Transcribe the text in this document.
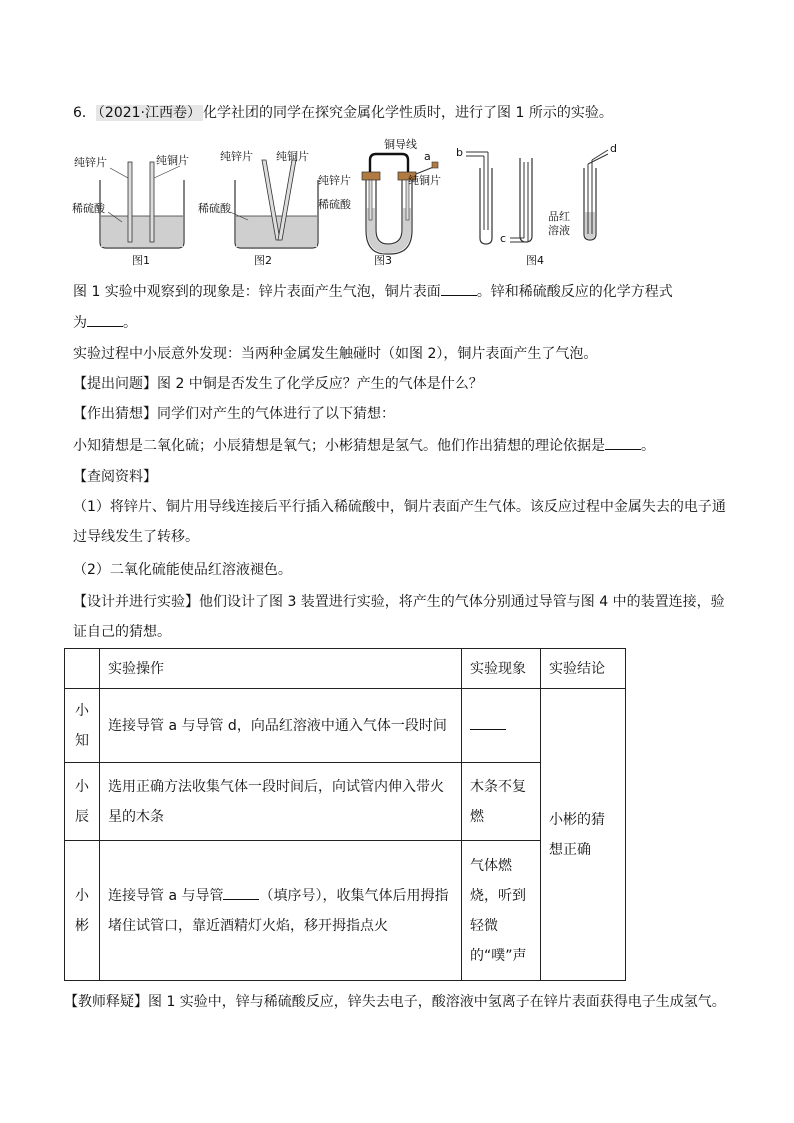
6． （2021·江西卷） 化学社团的同学在探究金属化学性质时，进行了图 1 所示的实验。
纯锌片	纯铜片
稀硫酸
图1
纯锌片 纯铜片
稀硫酸
图2
铜导线
a
纯锌片	纯铜片
稀硫酸
图3
b
c
d
品红
溶液
图4
图 1 实验中观察到的现象是：锌片表面产生气泡，铜片表面	。锌和稀硫酸反应的化学方程式
为	。
实验过程中小辰意外发现：当两种金属发生触碰时（如图 2），铜片表面产生了气泡。
【提出问题】图 2 中铜是否发生了化学反应？产生的气体是什么？
【作出猜想】同学们对产生的气体进行了以下猜想：
小知猜想是二氧化硫；小辰猜想是氧气；小彬猜想是氢气。他们作出猜想的理论依据是	。
【查阅资料】
（1）将锌片、铜片用导线连接后平行插入稀硫酸中，铜片表面产生气体。该反应过程中金属失去的电子通
过导线发生了转移。
（2）二氧化硫能使品红溶液褪色。
【设计并进行实验】他们设计了图 3 装置进行实验，将产生的气体分别通过导管与图 4 中的装置连接，验
证自己的猜想。
	实验操作	实验现象	实验结论
小知	连接导管 a 与导管 d，向品红溶液中通入气体一段时间		小彬的猜想正确
小辰	选用正确方法收集气体一段时间后，向试管内伸入带火星的木条	木条不复燃	
小彬	连接导管 a 与导管 （填序号），收集气体后用拇指堵住试管口，靠近酒精灯火焰，移开拇指点火	气体燃烧，听到轻微的“噗”声	
【教师释疑】图 1 实验中，锌与稀硫酸反应，锌失去电子，酸溶液中氢离子在锌片表面获得电子生成氢气。
